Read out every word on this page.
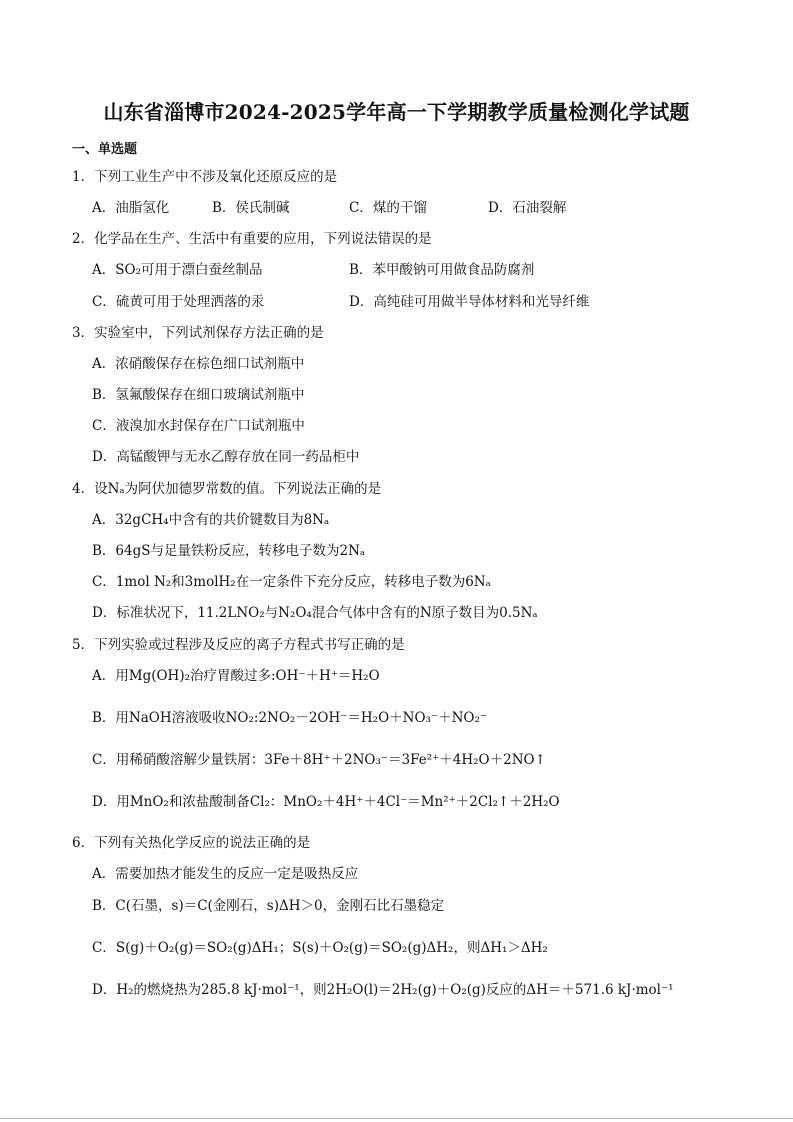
山东省淄博市2024-2025学年高一下学期教学质量检测化学试题
一、单选题
1．下列工业生产中不涉及氧化还原反应的是
A．油脂氢化	B．侯氏制碱	C．煤的干馏	D．石油裂解
2．化学品在生产、生活中有重要的应用，下列说法错误的是
A．SO₂可用于漂白蚕丝制品	B．苯甲酸钠可用做食品防腐剂
C．硫黄可用于处理洒落的汞	D．高纯硅可用做半导体材料和光导纤维
3．实验室中，下列试剂保存方法正确的是
A．浓硝酸保存在棕色细口试剂瓶中
B．氢氟酸保存在细口玻璃试剂瓶中
C．液溴加水封保存在广口试剂瓶中
D．高锰酸钾与无水乙醇存放在同一药品柜中
4．设Nₐ为阿伏加德罗常数的值。下列说法正确的是
A．32gCH₄中含有的共价键数目为8Nₐ
B．64gS与足量铁粉反应，转移电子数为2Nₐ
C．1mol N₂和3molH₂在一定条件下充分反应，转移电子数为6Nₐ
D．标准状况下，11.2LNO₂与N₂O₄混合气体中含有的N原子数目为0.5Nₐ
5．下列实验或过程涉及反应的离子方程式书写正确的是
A．用Mg(OH)₂治疗胃酸过多:OH⁻＋H⁺＝H₂O
B．用NaOH溶液吸收NO₂:2NO₂－2OH⁻＝H₂O＋NO₃⁻＋NO₂⁻
C．用稀硝酸溶解少量铁屑：3Fe＋8H⁺＋2NO₃⁻＝3Fe²⁺＋4H₂O＋2NO↑
D．用MnO₂和浓盐酸制备Cl₂：MnO₂＋4H⁺＋4Cl⁻＝Mn²⁺＋2Cl₂↑＋2H₂O
6．下列有关热化学反应的说法正确的是
A．需要加热才能发生的反应一定是吸热反应
B．C(石墨，s)＝C(金刚石，s)ΔH＞0，金刚石比石墨稳定
C．S(g)＋O₂(g)＝SO₂(g)ΔH₁；S(s)＋O₂(g)＝SO₂(g)ΔH₂，则ΔH₁＞ΔH₂
D．H₂的燃烧热为285.8 kJ·mol⁻¹，则2H₂O(l)＝2H₂(g)＋O₂(g)反应的ΔH＝＋571.6 kJ·mol⁻¹
